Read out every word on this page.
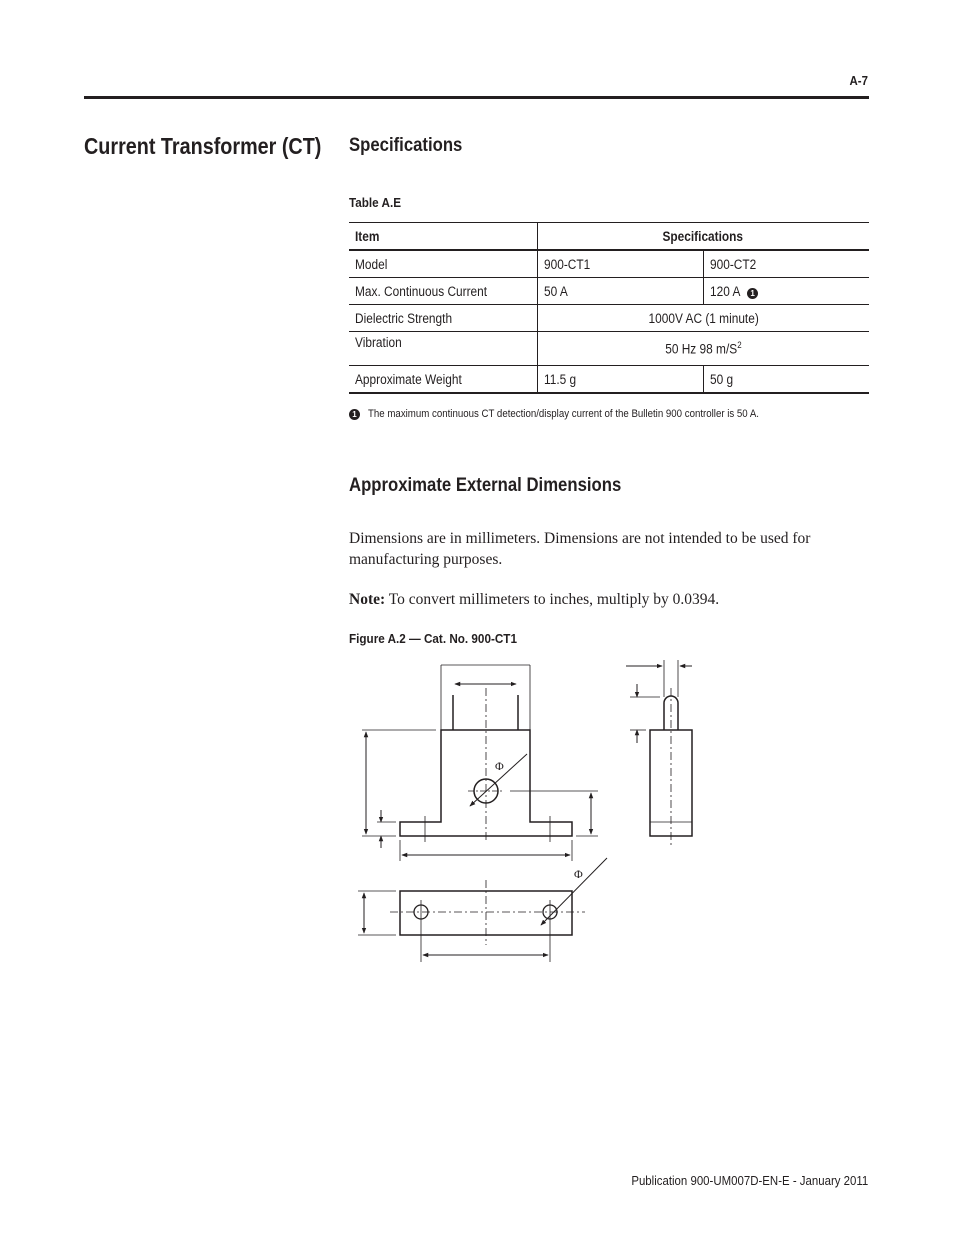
A-7
Current Transformer (CT) Specifications
Table A.E
Item	Specifications	
Model	900-CT1	900-CT2
Max. Continuous Current	50 A	120 A 1
Dielectric Strength	1000V AC (1 minute)	
Vibration	50 Hz 98 $m/S^2$
Approximate Weight	11.5 g	50 g
1 The maximum continuous CT detection/display current of the Bulletin 900 controller is 50 A.
Approximate External Dimensions
Dimensions are in millimeters. Dimensions are not intended to be used for manufacturing purposes.
Note: To convert millimeters to inches, multiply by 0.0394.
Figure A.2 — Cat. No. 900-CT1
Φ
Φ
Publication 900-UM007D-EN-E - January 2011
